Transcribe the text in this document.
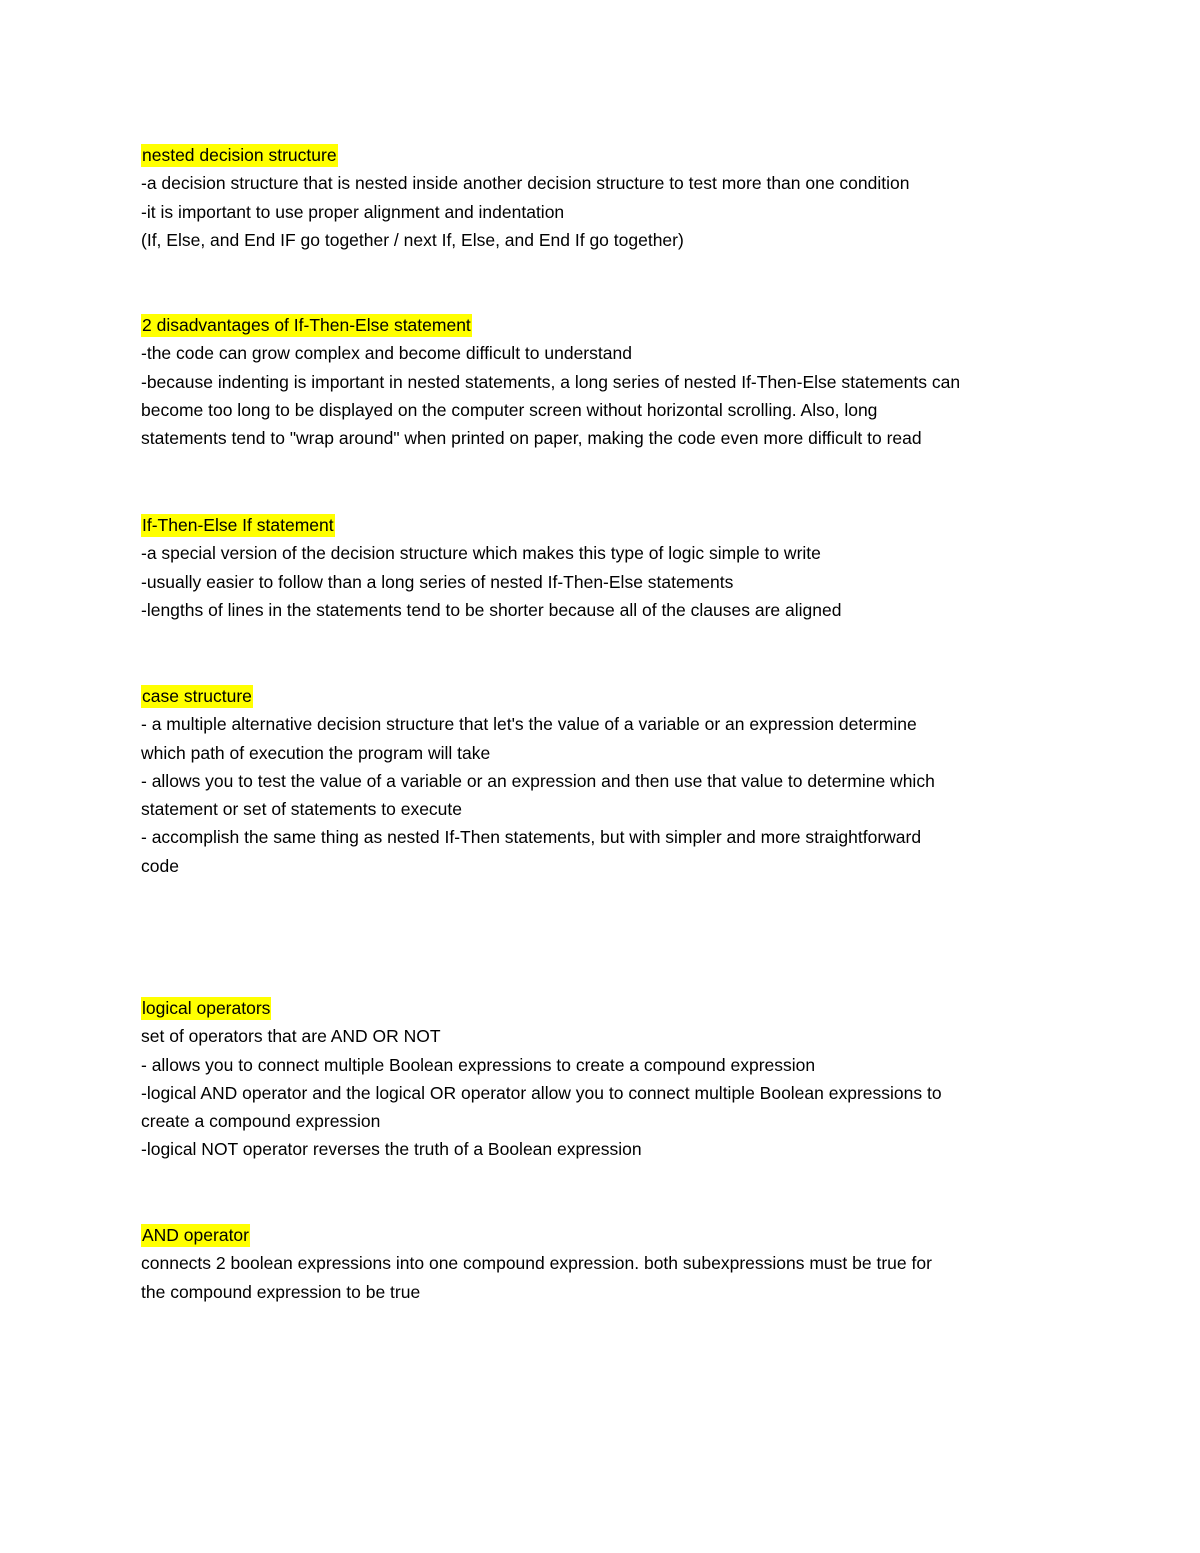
nested decision structure
-a decision structure that is nested inside another decision structure to test more than one condition
-it is important to use proper alignment and indentation
(If, Else, and End IF go together / next If, Else, and End If go together)
2 disadvantages of If-Then-Else statement
-the code can grow complex and become difficult to understand
-because indenting is important in nested statements, a long series of nested If-Then-Else statements can
become too long to be displayed on the computer screen without horizontal scrolling. Also, long
statements tend to "wrap around" when printed on paper, making the code even more difficult to read
If-Then-Else If statement
-a special version of the decision structure which makes this type of logic simple to write
-usually easier to follow than a long series of nested If-Then-Else statements
-lengths of lines in the statements tend to be shorter because all of the clauses are aligned
case structure
- a multiple alternative decision structure that let's the value of a variable or an expression determine
which path of execution the program will take
- allows you to test the value of a variable or an expression and then use that value to determine which
statement or set of statements to execute
- accomplish the same thing as nested If-Then statements, but with simpler and more straightforward
code
logical operators
set of operators that are AND OR NOT
- allows you to connect multiple Boolean expressions to create a compound expression
-logical AND operator and the logical OR operator allow you to connect multiple Boolean expressions to
create a compound expression
-logical NOT operator reverses the truth of a Boolean expression
AND operator
connects 2 boolean expressions into one compound expression. both subexpressions must be true for
the compound expression to be true
